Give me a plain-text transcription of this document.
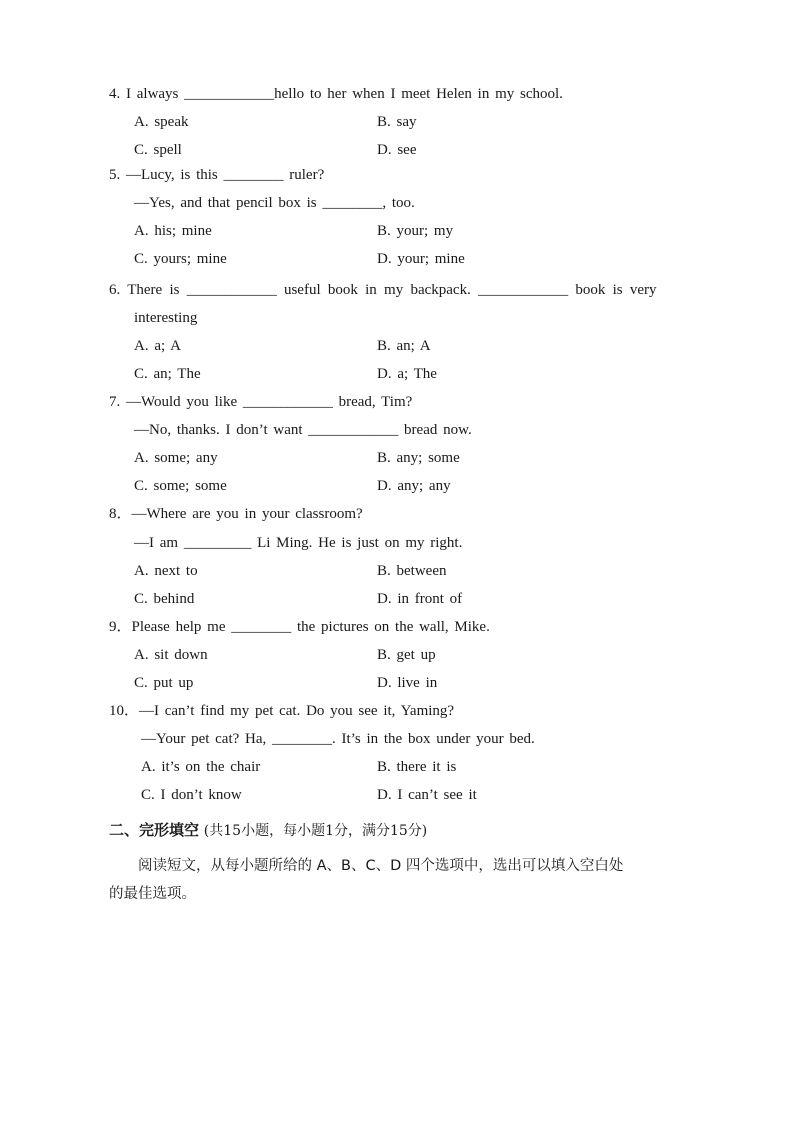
4. I always ____________hello to her when I meet Helen in my school.
A. speak	B. say
C. spell	D. see
5. —Lucy, is this ________ ruler?
—Yes, and that pencil box is ________, too.
A. his; mine	B. your; my
C. yours; mine	D. your; mine
6. There is ____________ useful book in my backpack. ____________ book is very
interesting
A. a; A	B. an; A
C. an; The	D. a; The
7. —Would you like ____________ bread, Tim?
—No, thanks. I don’t want ____________ bread now.
A. some; any	B. any; some
C. some; some	D. any; any
8．—Where are you in your classroom?
—I am _________ Li Ming. He is just on my right.
A. next to	B. between
C. behind	D. in front of
9．Please help me ________ the pictures on the wall, Mike.
A. sit down	B. get up
C. put up	D. live in
10．—I can’t find my pet cat. Do you see it, Yaming?
—Your pet cat? Ha, ________. It’s in the box under your bed.
A. it’s on the chair	B. there it is
C. I don’t know	D. I can’t see it
二、完形填空 (共15小题，每小题1分，满分15分)
阅读短文，从每小题所给的 A、B、C、D 四个选项中，选出可以填入空白处
的最佳选项。
